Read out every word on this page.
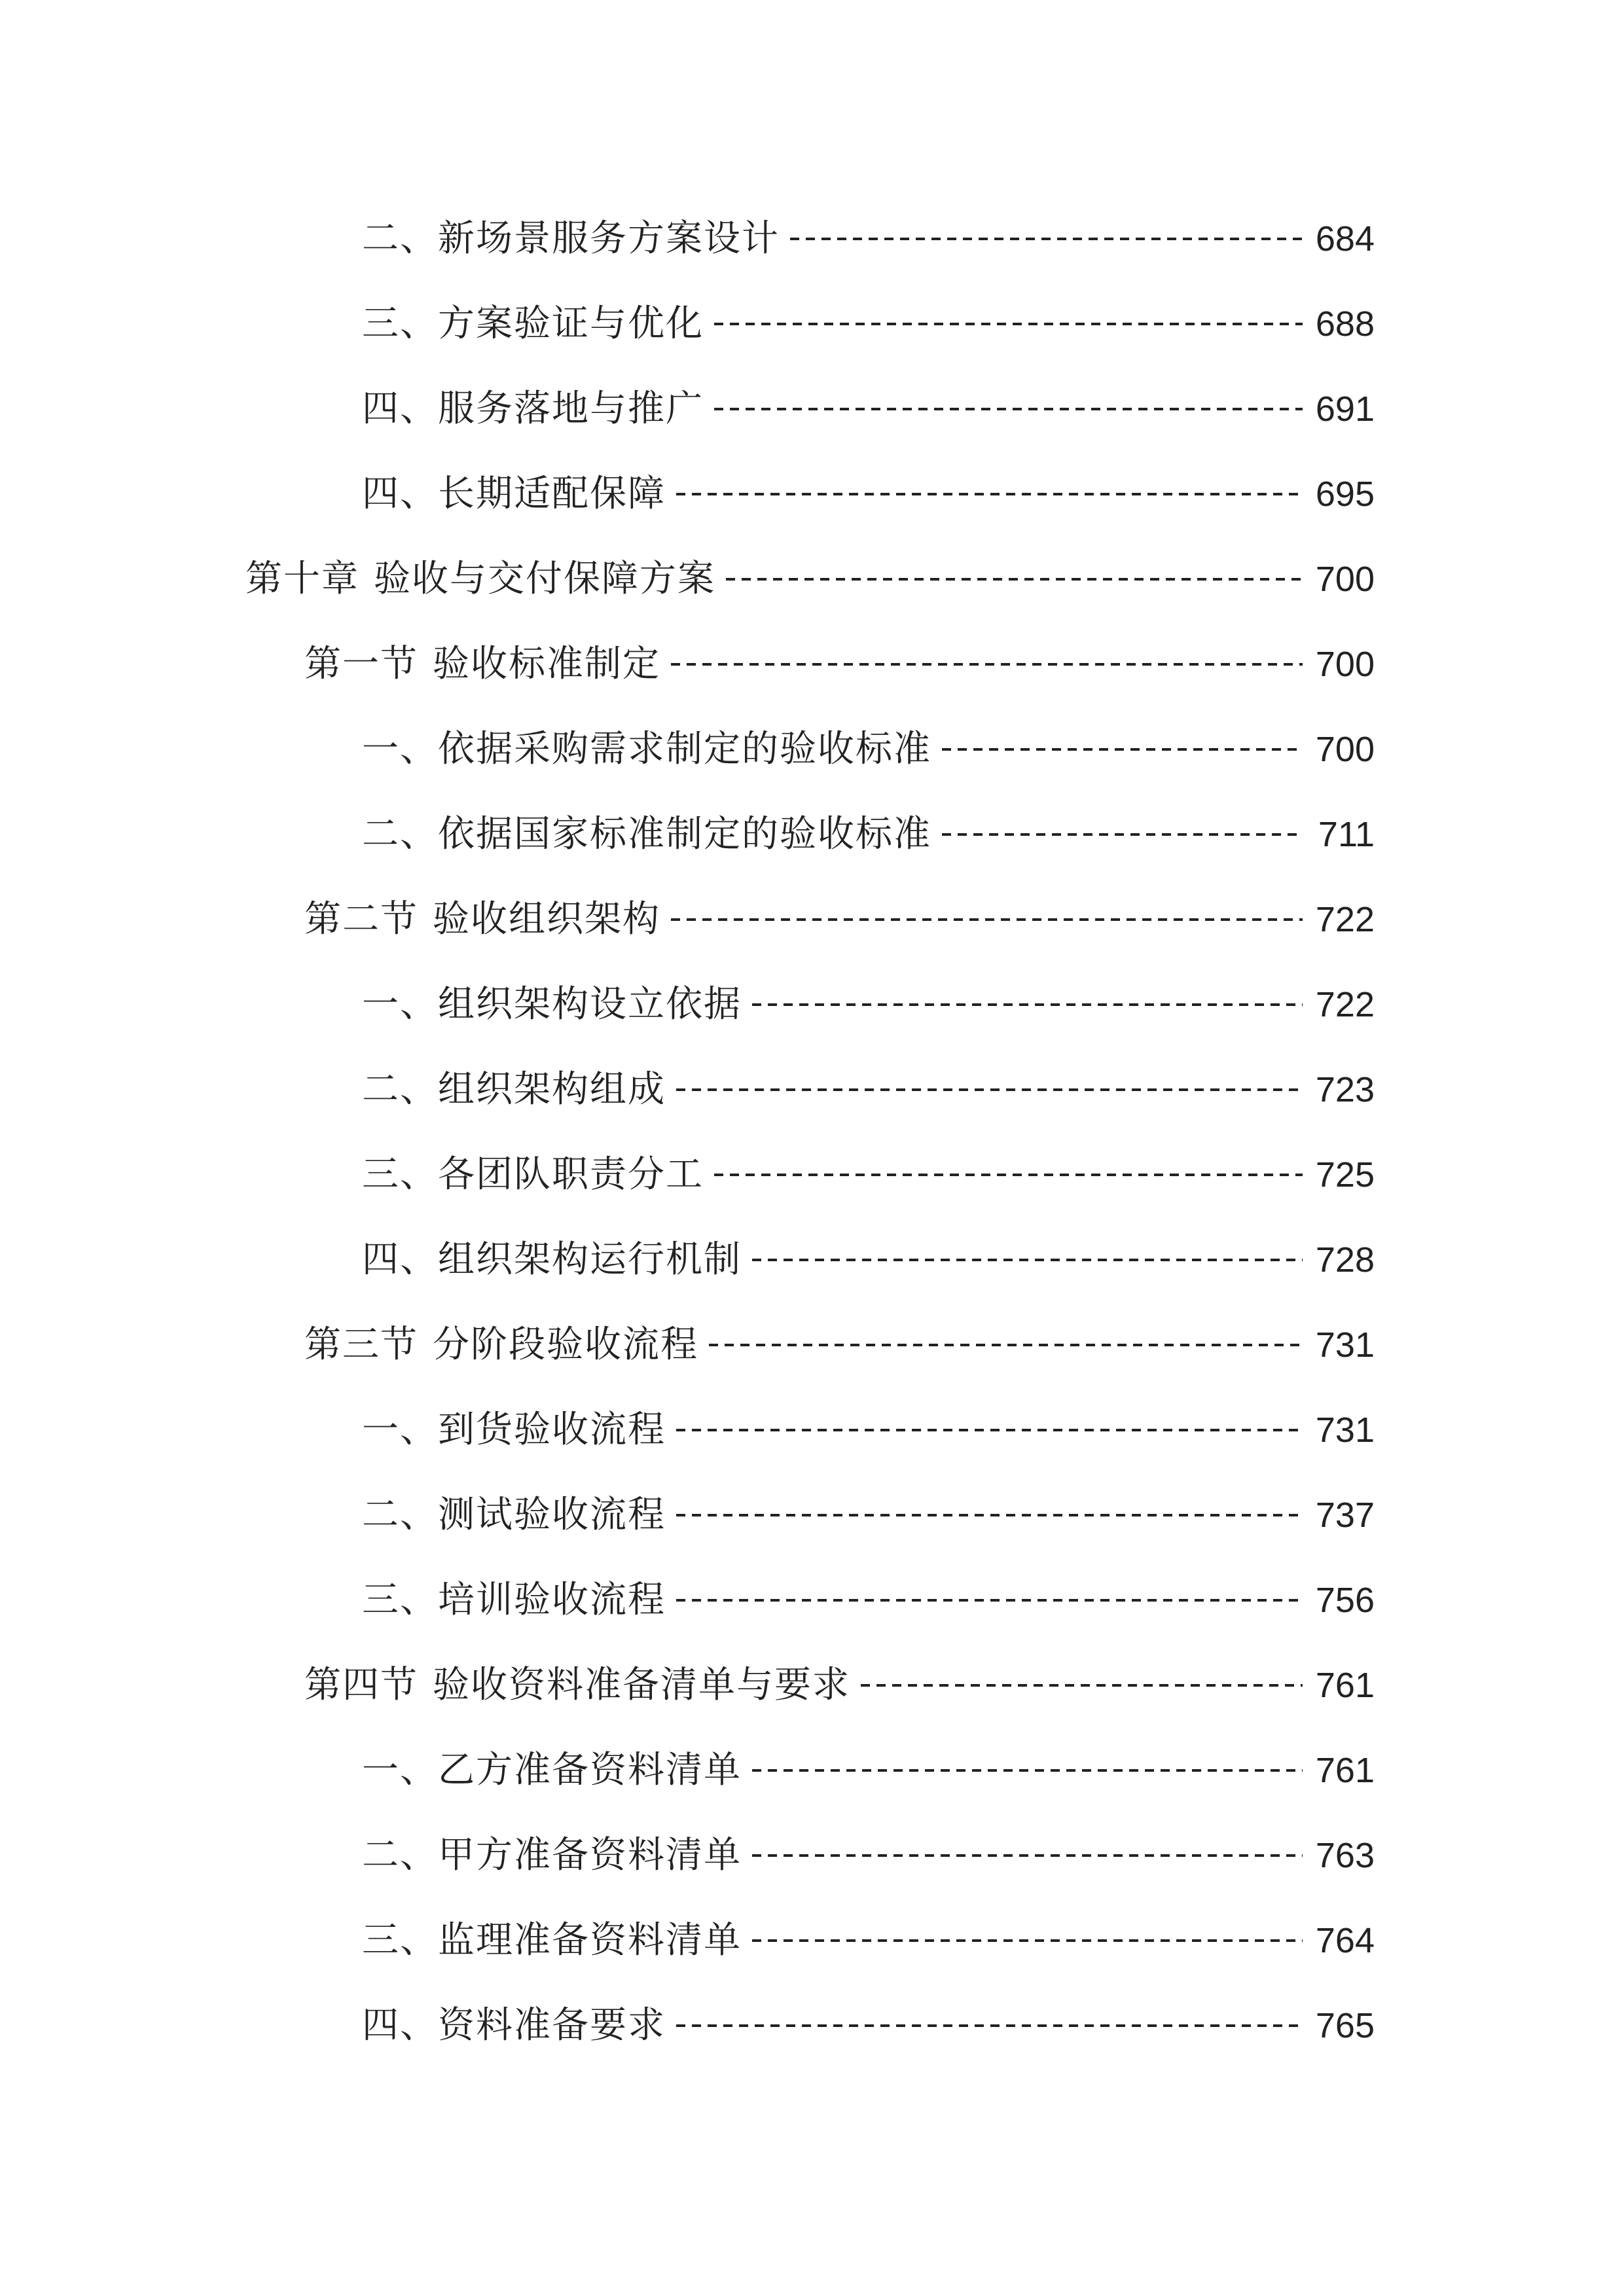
二、新场景服务方案设计	684
三、方案验证与优化	688
四、服务落地与推广	691
四、长期适配保障	695
第十章 验收与交付保障方案	700
第一节 验收标准制定	700
一、依据采购需求制定的验收标准	700
二、依据国家标准制定的验收标准	711
第二节 验收组织架构	722
一、组织架构设立依据	722
二、组织架构组成	723
三、各团队职责分工	725
四、组织架构运行机制	728
第三节 分阶段验收流程	731
一、到货验收流程	731
二、测试验收流程	737
三、培训验收流程	756
第四节 验收资料准备清单与要求	761
一、乙方准备资料清单	761
二、甲方准备资料清单	763
三、监理准备资料清单	764
四、资料准备要求	765
